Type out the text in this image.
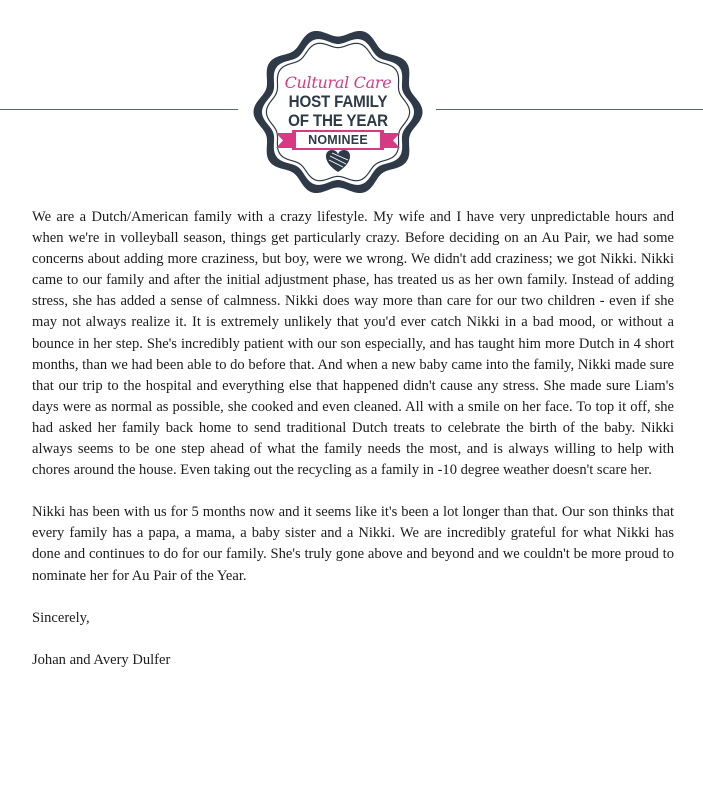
Cultural Care
HOST FAMILY
OF THE YEAR
NOMINEE

We are a Dutch/American family with a crazy lifestyle. My wife and I have very unpredictable hours and when we're in volleyball season, things get particularly crazy. Before deciding on an Au Pair, we had some concerns about adding more craziness, but boy, were we wrong. We didn't add craziness; we got Nikki. Nikki came to our family and after the initial adjustment phase, has treated us as her own family. Instead of adding stress, she has added a sense of calmness. Nikki does way more than care for our two children - even if she may not always realize it. It is extremely unlikely that you'd ever catch Nikki in a bad mood, or without a bounce in her step. She's incredibly patient with our son especially, and has taught him more Dutch in 4 short months, than we had been able to do before that. And when a new baby came into the family, Nikki made sure that our trip to the hospital and everything else that happened didn't cause any stress. She made sure Liam's days were as normal as possible, she cooked and even cleaned. All with a smile on her face. To top it off, she had asked her family back home to send traditional Dutch treats to celebrate the birth of the baby. Nikki always seems to be one step ahead of what the family needs the most, and is always willing to help with chores around the house. Even taking out the recycling as a family in -10 degree weather doesn't scare her.

Nikki has been with us for 5 months now and it seems like it's been a lot longer than that. Our son thinks that every family has a papa, a mama, a baby sister and a Nikki. We are incredibly grateful for what Nikki has done and continues to do for our family. She's truly gone above and beyond and we couldn't be more proud to nominate her for Au Pair of the Year.

Sincerely,

Johan and Avery Dulfer
